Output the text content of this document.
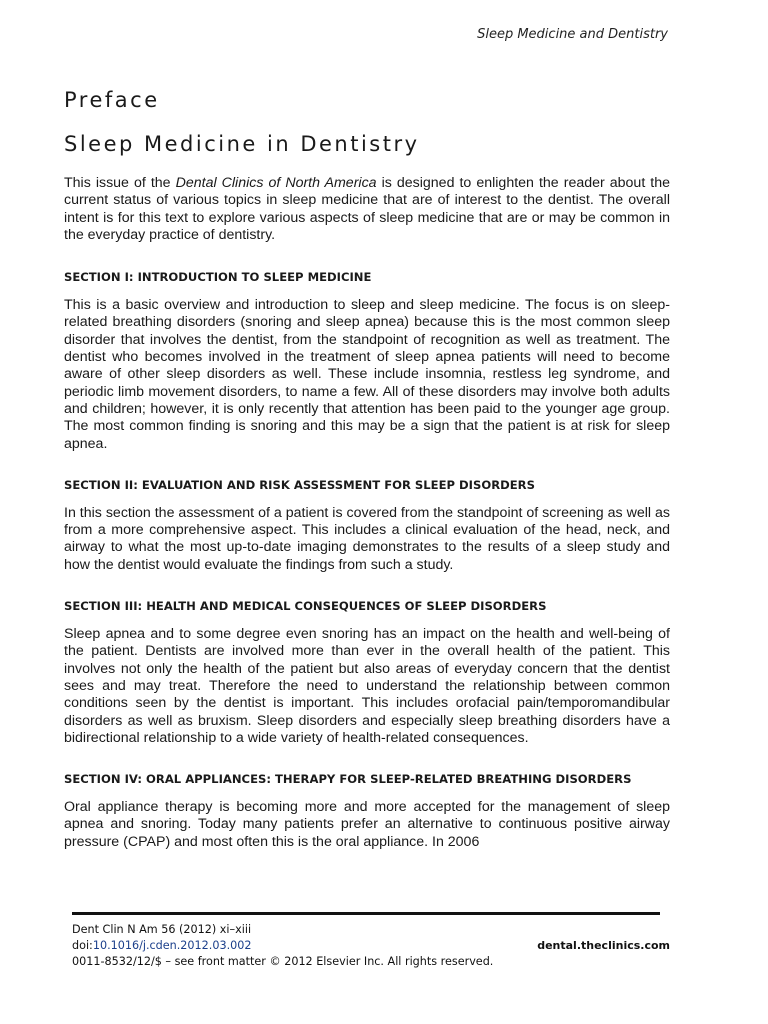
Sleep Medicine and Dentistry
Preface
Sleep Medicine in Dentistry

This issue of the Dental Clinics of North America is designed to enlighten the reader about the current status of various topics in sleep medicine that are of interest to the dentist. The overall intent is for this text to explore various aspects of sleep medicine that are or may be common in the everyday practice of dentistry.

SECTION I: INTRODUCTION TO SLEEP MEDICINE

This is a basic overview and introduction to sleep and sleep medicine. The focus is on sleep-related breathing disorders (snoring and sleep apnea) because this is the most common sleep disorder that involves the dentist, from the standpoint of recognition as well as treatment. The dentist who becomes involved in the treatment of sleep apnea patients will need to become aware of other sleep disorders as well. These include insomnia, restless leg syndrome, and periodic limb movement disorders, to name a few. All of these disorders may involve both adults and children; however, it is only recently that attention has been paid to the younger age group. The most common finding is snoring and this may be a sign that the patient is at risk for sleep apnea.

SECTION II: EVALUATION AND RISK ASSESSMENT FOR SLEEP DISORDERS

In this section the assessment of a patient is covered from the standpoint of screening as well as from a more comprehensive aspect. This includes a clinical evaluation of the head, neck, and airway to what the most up-to-date imaging demonstrates to the results of a sleep study and how the dentist would evaluate the findings from such a study.

SECTION III: HEALTH AND MEDICAL CONSEQUENCES OF SLEEP DISORDERS

Sleep apnea and to some degree even snoring has an impact on the health and well-being of the patient. Dentists are involved more than ever in the overall health of the patient. This involves not only the health of the patient but also areas of everyday concern that the dentist sees and may treat. Therefore the need to understand the relationship between common conditions seen by the dentist is important. This includes orofacial pain/temporomandibular disorders as well as bruxism. Sleep disorders and especially sleep breathing disorders have a bidirectional relationship to a wide variety of health-related consequences.

SECTION IV: ORAL APPLIANCES: THERAPY FOR SLEEP-RELATED BREATHING DISORDERS

Oral appliance therapy is becoming more and more accepted for the management of sleep apnea and snoring. Today many patients prefer an alternative to continuous positive airway pressure (CPAP) and most often this is the oral appliance. In 2006

Dent Clin N Am 56 (2012) xi–xiii
doi:10.1016/j.cden.2012.03.002
0011-8532/12/$ – see front matter © 2012 Elsevier Inc. All rights reserved.
dental.theclinics.com
